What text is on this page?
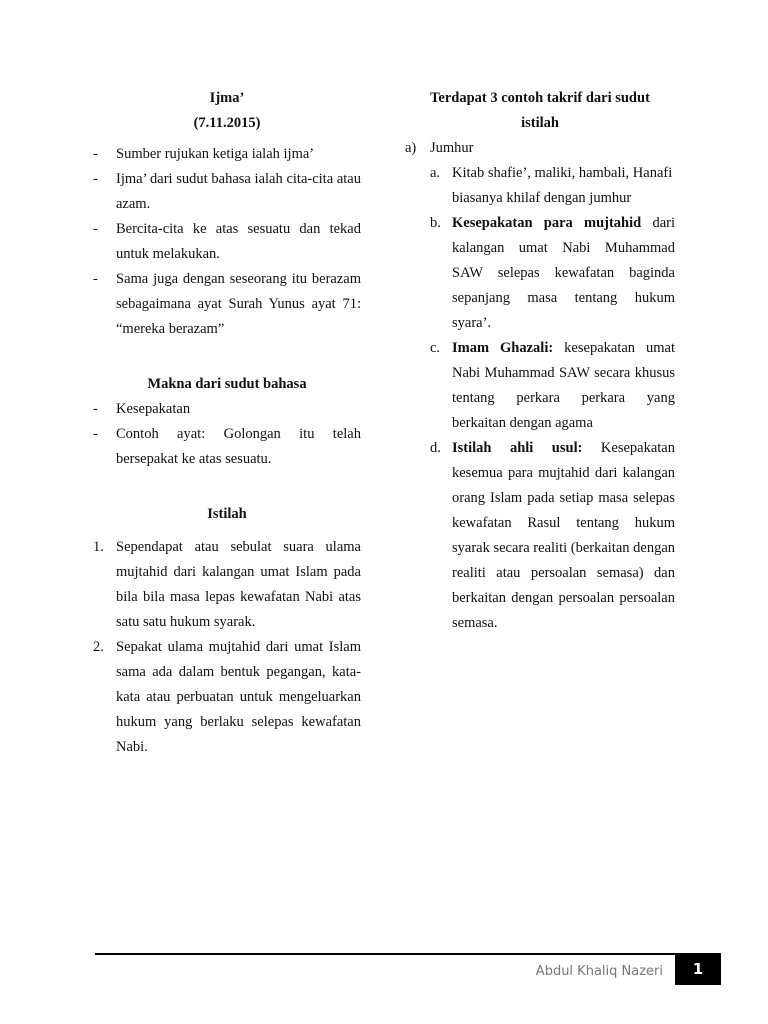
Ijma’

(7.11.2015)

- Sumber rujukan ketiga ialah ijma’

- Ijma’ dari sudut bahasa ialah cita-cita atau azam.

- Bercita-cita ke atas sesuatu dan tekad untuk melakukan.

- Sama juga dengan seseorang itu berazam sebagaimana ayat Surah Yunus ayat 71: “mereka berazam”

Makna dari sudut bahasa

- Kesepakatan

- Contoh ayat: Golongan itu telah bersepakat ke atas sesuatu.

Istilah

1. Sependapat atau sebulat suara ulama mujtahid dari kalangan umat Islam pada bila bila masa lepas kewafatan Nabi atas satu satu hukum syarak.

2. Sepakat ulama mujtahid dari umat Islam sama ada dalam bentuk pegangan, kata-kata atau perbuatan untuk mengeluarkan hukum yang berlaku selepas kewafatan Nabi.

Terdapat 3 contoh takrif dari sudut istilah

a) Jumhur

a. Kitab shafie’, maliki, hambali, Hanafi biasanya khilaf dengan jumhur

b. Kesepakatan para mujtahid dari kalangan umat Nabi Muhammad SAW selepas kewafatan baginda sepanjang masa tentang hukum syara’.

c. Imam Ghazali: kesepakatan umat Nabi Muhammad SAW secara khusus tentang perkara perkara yang berkaitan dengan agama

d. Istilah ahli usul: Kesepakatan kesemua para mujtahid dari kalangan orang Islam pada setiap masa selepas kewafatan Rasul tentang hukum syarak secara realiti (berkaitan dengan realiti atau persoalan semasa) dan berkaitan dengan persoalan persoalan semasa.

Abdul Khaliq Nazeri	1
